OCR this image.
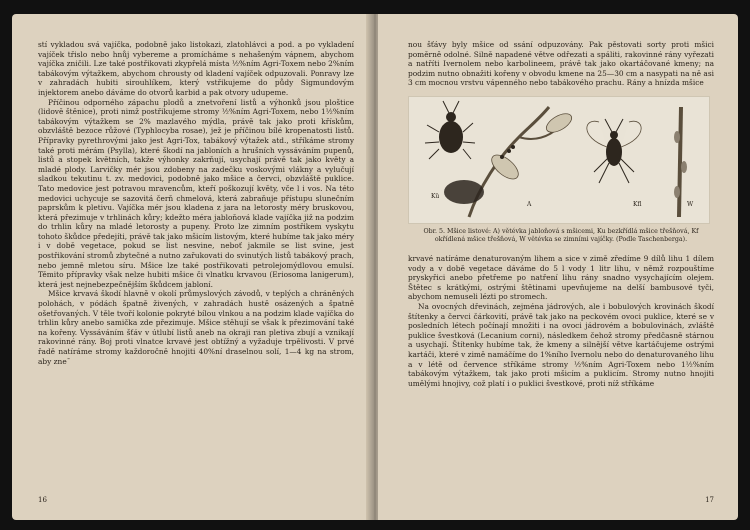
stí vykladou svá vajíčka, podobně jako listokazi, zlatohlávci a pod. a po vykladení vajíček třislo nebo hnůj vybereme a promícháme s nehašeným vápnem, abychom vajíčka zničili. Lze také postřikovati zkypřelá místa ½%ním Agri-Toxem nebo 2%ním tabákovým výtažkem, abychom chrousty od kladení vajíček odpuzovali. Ponravy lze v zahradách hubiti sirouhlíkem, který vstřikujeme do půdy Sigmundovým injektorem anebo dáváme do otvorů karbid a pak otvory udupeme.

Příčinou odporného zápachu plodů a znetvoření listů a výhonků jsou ploštice (lidově štěnice), proti nimž postřikujeme stromy ½%ním Agri-Toxem, nebo 1½%ním tabákovým výtažkem se 2% mazlavého mýdla, právě tak jako proti křískům, obzvláště bezoce růžové (Typhlocyba rosae), jež je příčinou bílé kropenatosti listů. Přípravky pyrethrovými jako jest Agri-Tox, tabákový výtažek atd., stříkáme stromy také proti mérám (Psylla), které škodí na jabloních a hrušních vyssáváním pupenů, listů a stopek květních, takže výhonky zakrňují, usychají právě tak jako květy a mladé plody. Larvičky mér jsou zdobeny na zadečku voskovými vlákny a vylučují sladkou tekutinu t. zv. medovici, podobně jako mšice a červci, obzvláště puklice. Tato medovice jest potravou mravencům, kteří poškozují květy, vče l i vos. Na této medovici uchycuje se sazovitá čerň chmelová, která zabraňuje přístupu slunečním paprskům k pletivu. Vajíčka mér jsou kladena z jara na letorosty méry bruskovou, která přezimuje v trhlinách kůry; kdežto méra jabloňová klade vajíčka již na podzim do trhlin kůry na mladé letorosty a pupeny. Proto lze zimním postřikem vyskytu tohoto škůdce předejíti, právě tak jako mšicím listovým, které hubíme tak jako méry i v době vegetace, pokud se list nesvine, neboť jakmile se list svine, jest postřikování stromů zbytečné a nutno zařukovati do svinutých listů tabákový prach, nebo jemně mletou síru. Mšice lze také postřikovati petrolejomýdlovou emulsí. Těmito přípravky však nelze hubiti mšice či vlnatku krvavou (Eriosoma lanigerum), která jest nejnebezpečnějším škůdcem jabloní.

Mšice krvavá škodí hlavně v okolí průmyslových závodů, v teplých a chráněných polohách, v pódách špatně živených, v zahradách hustě osázených a špatně ošetřovaných. V těle tvoří kolonie pokryté bílou vlnkou a na podzim klade vajíčka do trhlin kůry anebo samička zde přezimuje. Mšice stěhují se však k přezimování také na kořeny. Vyssáváním šťáv v útlubí listů aneb na okraji ran pletiva zbují a vznikají rakovinné rány. Boj proti vlnatce krvavé jest obtížný a vyžaduje trpělivosti. V prvé řadě natíráme stromy každoročně hnojiti 40%ní draselnou solí, 1—4 kg na strom, aby zneˉ

16

nou šťávy byly mšice od ssání odpuzovány. Pak pěstovati sorty proti mšici poměrně odolné. Silně napadené větve odřezati a spáliti, rakovinné rány vyřezati a natříti Ivernolem nebo karbolineem, právě tak jako okartáčované kmeny; na podzim nutno obnažiti kořeny v obvodu kmene na 25—30 cm a nasypati na ně asi 3 cm mocnou vrstvu vápenného nebo tabákového prachu. Rány a hnízda mšice

Kü
A	Kfl	W
Obr. 5. Mšice listové: A) větévka jabloňová s mšicemi, Ku bezkřídlá mšice třešňová, Kf okřídlená mšice třešňová, W větévka se zimními vajíčky. (Podle Taschenberga).

krvavé natíráme denaturovaným lihem a sice v zimě zředíme 9 dílů lihu 1 dílem vody a v době vegetace dáváme do 5 l vody 1 litr lihu, v němž rozpouštíme pryskyřici anebo přetřeme po natření lihu rány snadno vysychajícím olejem. Štětec s krátkými, ostrými štětinami upevňujeme na delší bambusové tyči, abychom nemuseli lézti po stromech.

Na ovocných dřevinách, zejména jádrových, ale i bobulových krovinách škodí štítenky a červci čárkovití, právě tak jako na peckovém ovoci puklice, které se v posledních létech počínají množiti i na ovoci jádrovém a bobulovinách, zvláště puklice švestková (Lecanium corni), následkem čehož stromy předčasně stárnou a usychají. Štítenky hubíme tak, že kmeny a silnější větve kartáčujeme ostrými kartáči, které v zimě namáčíme do 1%ního Ivernolu nebo do denaturovaného lihu a v létě od července stříkáme stromy ½%ním Agri-Toxem nebo 1½%ním tabákovým výtažkem, tak jako proti mšicím a puklicím. Stromy nutno hnojiti umělými hnojivy, což platí i o puklici švestkové, proti níž stříkáme

17
